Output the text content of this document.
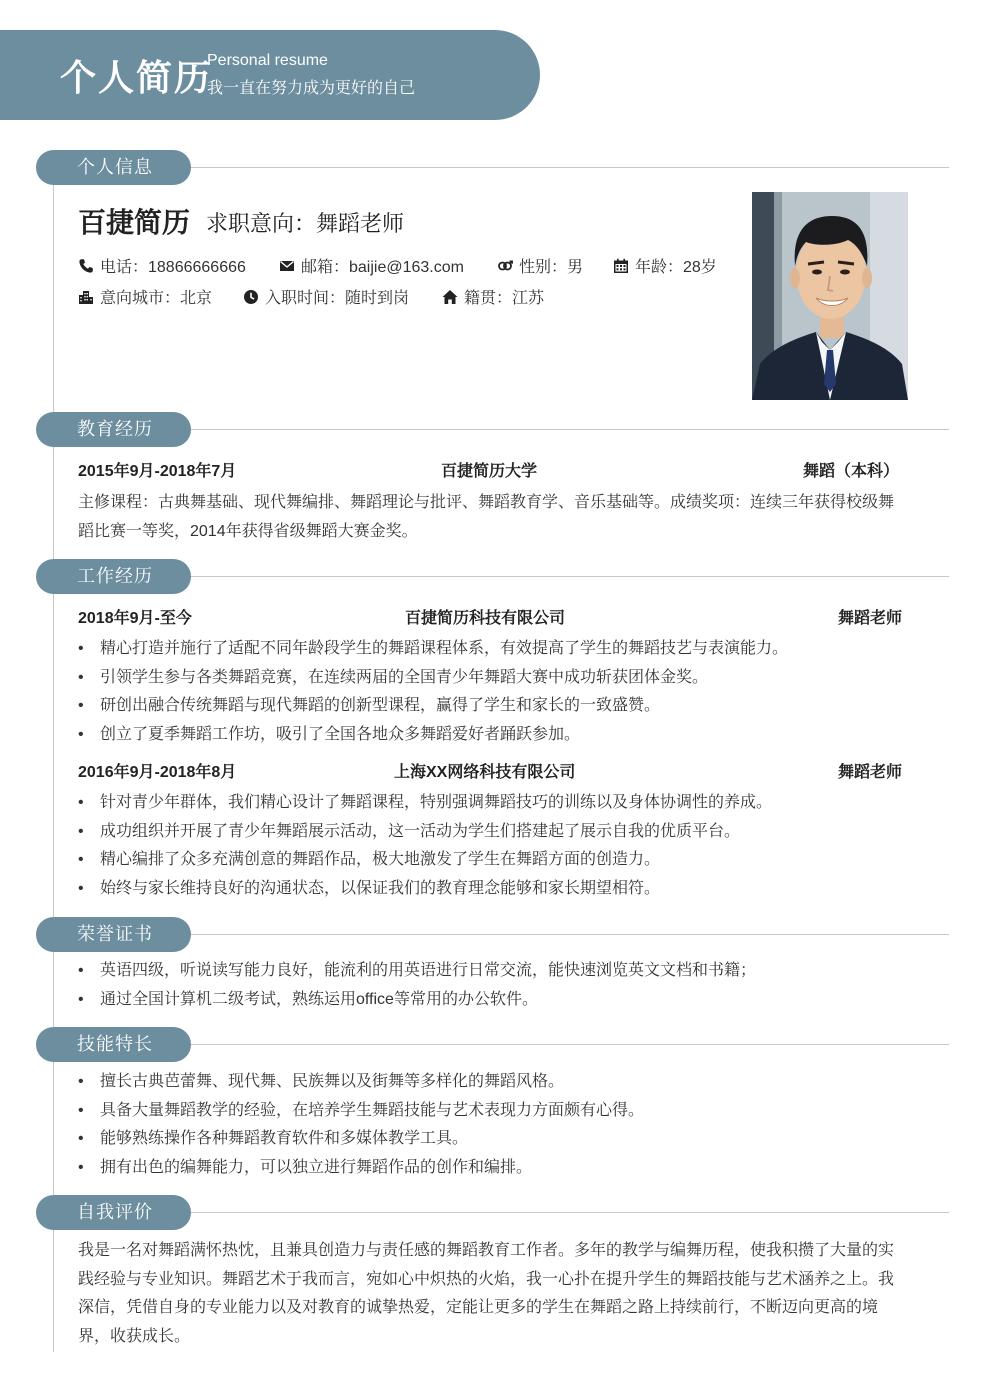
个人简历
Personal resume
我一直在努力成为更好的自己
个人信息
百捷简历 求职意向：舞蹈老师
电话：18866666666	邮箱：baijie@163.com	性别：男	年龄：28岁
意向城市：北京	入职时间：随时到岗	籍贯：江苏
教育经历
2015年9月-2018年7月	百捷简历大学	舞蹈（本科）
主修课程：古典舞基础、现代舞编排、舞蹈理论与批评、舞蹈教育学、音乐基础等。成绩奖项：连续三年获得校级舞蹈比赛一等奖，2014年获得省级舞蹈大赛金奖。
工作经历
2018年9月-至今	百捷简历科技有限公司	舞蹈老师
• 精心打造并施行了适配不同年龄段学生的舞蹈课程体系，有效提高了学生的舞蹈技艺与表演能力。
• 引领学生参与各类舞蹈竞赛，在连续两届的全国青少年舞蹈大赛中成功斩获团体金奖。
• 研创出融合传统舞蹈与现代舞蹈的创新型课程，赢得了学生和家长的一致盛赞。
• 创立了夏季舞蹈工作坊，吸引了全国各地众多舞蹈爱好者踊跃参加。
2016年9月-2018年8月	上海XX网络科技有限公司	舞蹈老师
• 针对青少年群体，我们精心设计了舞蹈课程，特别强调舞蹈技巧的训练以及身体协调性的养成。
• 成功组织并开展了青少年舞蹈展示活动，这一活动为学生们搭建起了展示自我的优质平台。
• 精心编排了众多充满创意的舞蹈作品，极大地激发了学生在舞蹈方面的创造力。
• 始终与家长维持良好的沟通状态，以保证我们的教育理念能够和家长期望相符。
荣誉证书
• 英语四级，听说读写能力良好，能流利的用英语进行日常交流，能快速浏览英文文档和书籍；
• 通过全国计算机二级考试，熟练运用office等常用的办公软件。
技能特长
• 擅长古典芭蕾舞、现代舞、民族舞以及街舞等多样化的舞蹈风格。
• 具备大量舞蹈教学的经验，在培养学生舞蹈技能与艺术表现力方面颇有心得。
• 能够熟练操作各种舞蹈教育软件和多媒体教学工具。
• 拥有出色的编舞能力，可以独立进行舞蹈作品的创作和编排。
自我评价
我是一名对舞蹈满怀热忱，且兼具创造力与责任感的舞蹈教育工作者。多年的教学与编舞历程，使我积攒了大量的实践经验与专业知识。舞蹈艺术于我而言，宛如心中炽热的火焰，我一心扑在提升学生的舞蹈技能与艺术涵养之上。我深信，凭借自身的专业能力以及对教育的诚挚热爱，定能让更多的学生在舞蹈之路上持续前行，不断迈向更高的境界，收获成长。
